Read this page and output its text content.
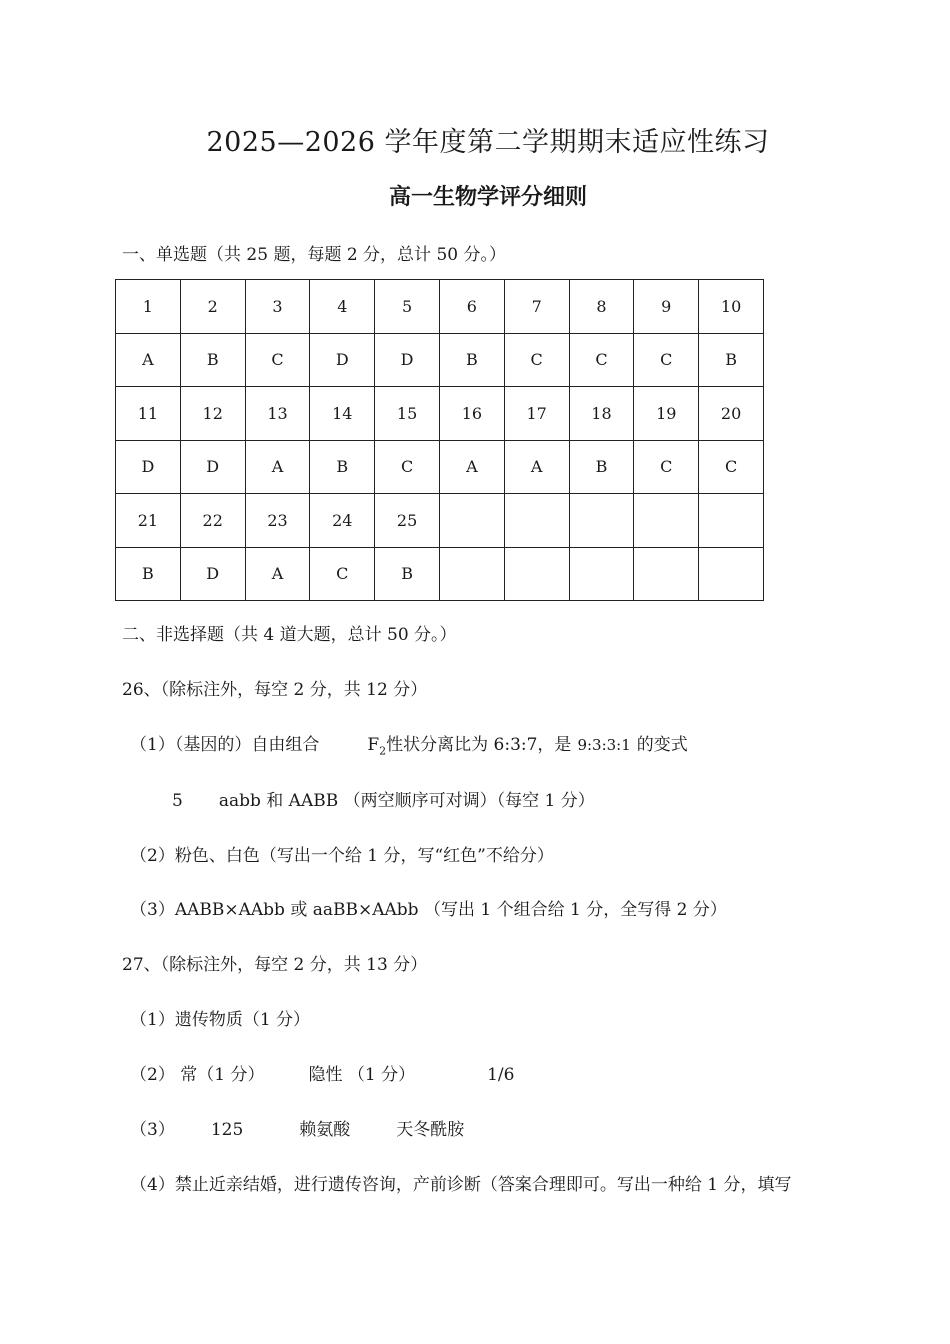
2025—2026 学年度第二学期期末适应性练习
高一生物学评分细则
一、单选题（共 25 题，每题 2 分，总计 50 分。）
1	2	3	4	5	6	7	8	9	10
A	B	C	D	D	B	C	C	C	B
11	12	13	14	15	16	17	18	19	20
D	D	A	B	C	A	A	B	C	C
21	22	23	24	25					
B	D	A	C	B					
二、非选择题（共 4 道大题，总计 50 分。）
26、（除标注外，每空 2 分，共 12 分）
（1）（基因的）自由组合	$F_2$性状分离比为 6:3:7，是 9:3:3:1 的变式
5 aabb 和 AABB （两空顺序可对调）（每空 1 分）
（2）粉色、白色（写出一个给 1 分，写“红色”不给分）
（3）AABB×AAbb 或 aaBB×AAbb （写出 1 个组合给 1 分，全写得 2 分）
27、（除标注外，每空 2 分，共 13 分）
（1）遗传物质（1 分）
（2） 常（1 分）	隐性 （1 分）	1/6
（3） 125	赖氨酸	天冬酰胺
（4）禁止近亲结婚，进行遗传咨询，产前诊断（答案合理即可。写出一种给 1 分，填写
